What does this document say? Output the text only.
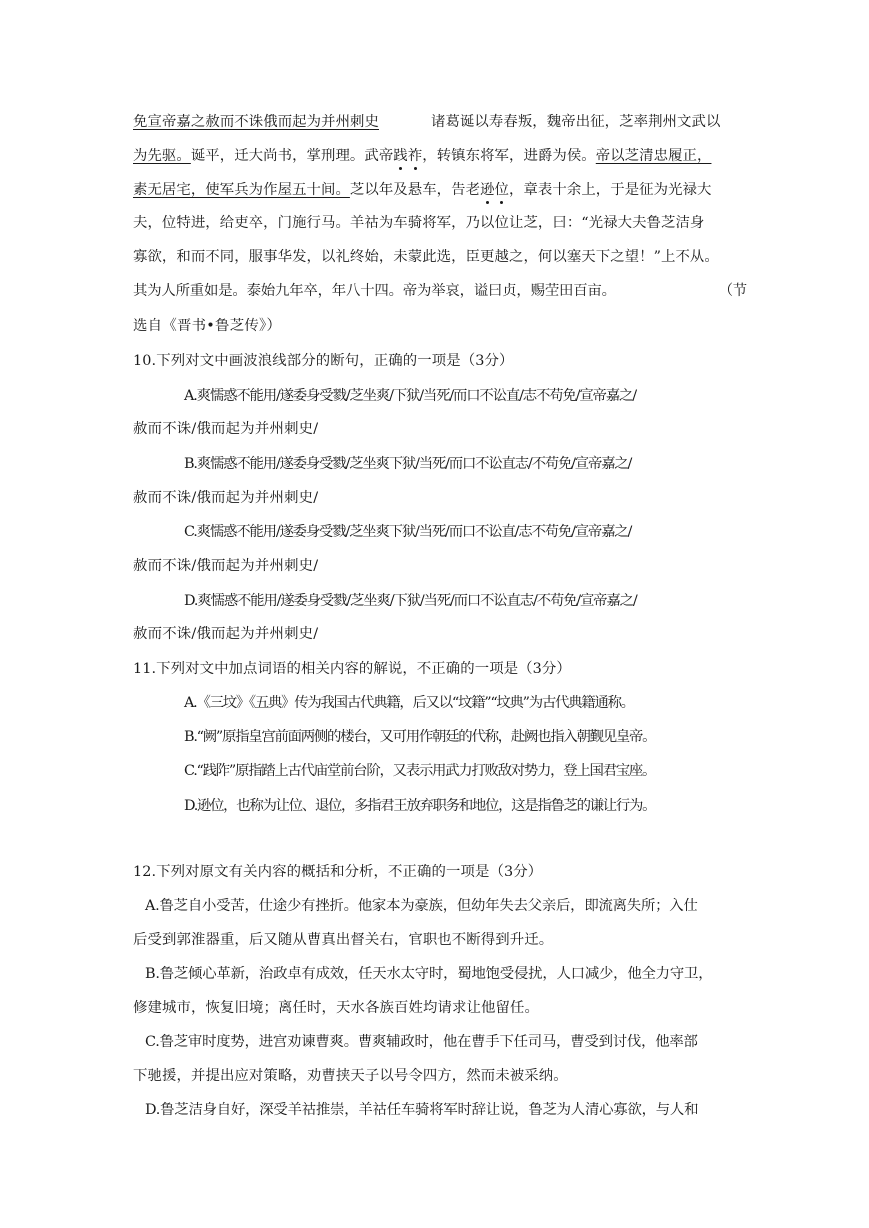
免宣帝嘉之赦而不诛俄而起为并州刺史	诸葛诞以寿春叛，魏帝出征，芝率荆州文武以
为先驱。诞平，迁大尚书，掌刑理。武帝践祚，转镇东将军，进爵为侯。帝以芝清忠履正，
素无居宅，使军兵为作屋五十间。芝以年及悬车，告老逊位，章表十余上，于是征为光禄大
夫，位特进，给吏卒，门施行马。羊祜为车骑将军，乃以位让芝，曰：“光禄大夫鲁芝洁身
寡欲，和而不同，服事华发，以礼终始，未蒙此选，臣更越之，何以塞天下之望！”上不从。
其为人所重如是。泰始九年卒，年八十四。帝为举哀，谥曰贞，赐茔田百亩。	（节
选自《晋书•鲁芝传》）
10.下列对文中画波浪线部分的断句，正确的一项是（3分）
A.爽懦惑不能用/遂委身受戮/芝坐爽/下狱/当死/而口不讼直/志不苟免/宣帝嘉之/
赦而不诛/俄而起为并州刺史/
B.爽懦惑不能用/遂委身受戮/芝坐爽下狱/当死/而口不讼直志/不苟免/宣帝嘉之/
赦而不诛/俄而起为并州刺史/
C.爽懦惑不能用/遂委身受戮/芝坐爽下狱/当死/而口不讼直/志不苟免/宣帝嘉之/
赦而不诛/俄而起为并州刺史/
D.爽懦惑不能用/遂委身受戮/芝坐爽/下狱/当死/而口不讼直志/不苟免/宣帝嘉之/
赦而不诛/俄而起为并州刺史/
11.下列对文中加点词语的相关内容的解说，不正确的一项是（3分）
A.《三坟》《五典》传为我国古代典籍，后又以“坟籍”“坟典”为古代典籍通称。
B.“阙”原指皇宫前面两侧的楼台，又可用作朝廷的代称，赴阙也指入朝觐见皇帝。
C.“践阼”原指踏上古代庙堂前台阶，又表示用武力打败敌对势力，登上国君宝座。
D.逊位，也称为让位、退位，多指君王放弃职务和地位，这是指鲁芝的谦让行为。
12.下列对原文有关内容的概括和分析，不正确的一项是（3分）
A.鲁芝自小受苦，仕途少有挫折。他家本为豪族，但幼年失去父亲后，即流离失所；入仕
后受到郭淮器重，后又随从曹真出督关右，官职也不断得到升迁。
B.鲁芝倾心革新，治政卓有成效，任天水太守时，蜀地饱受侵扰，人口减少，他全力守卫，
修建城市，恢复旧境；离任时，天水各族百姓均请求让他留任。
C.鲁芝审时度势，进宫劝谏曹爽。曹爽辅政时，他在曹手下任司马，曹受到讨伐，他率部
下驰援，并提出应对策略，劝曹挟天子以号令四方，然而未被采纳。
D.鲁芝洁身自好，深受羊祜推崇，羊祜任车骑将军时辞让说，鲁芝为人清心寡欲，与人和
